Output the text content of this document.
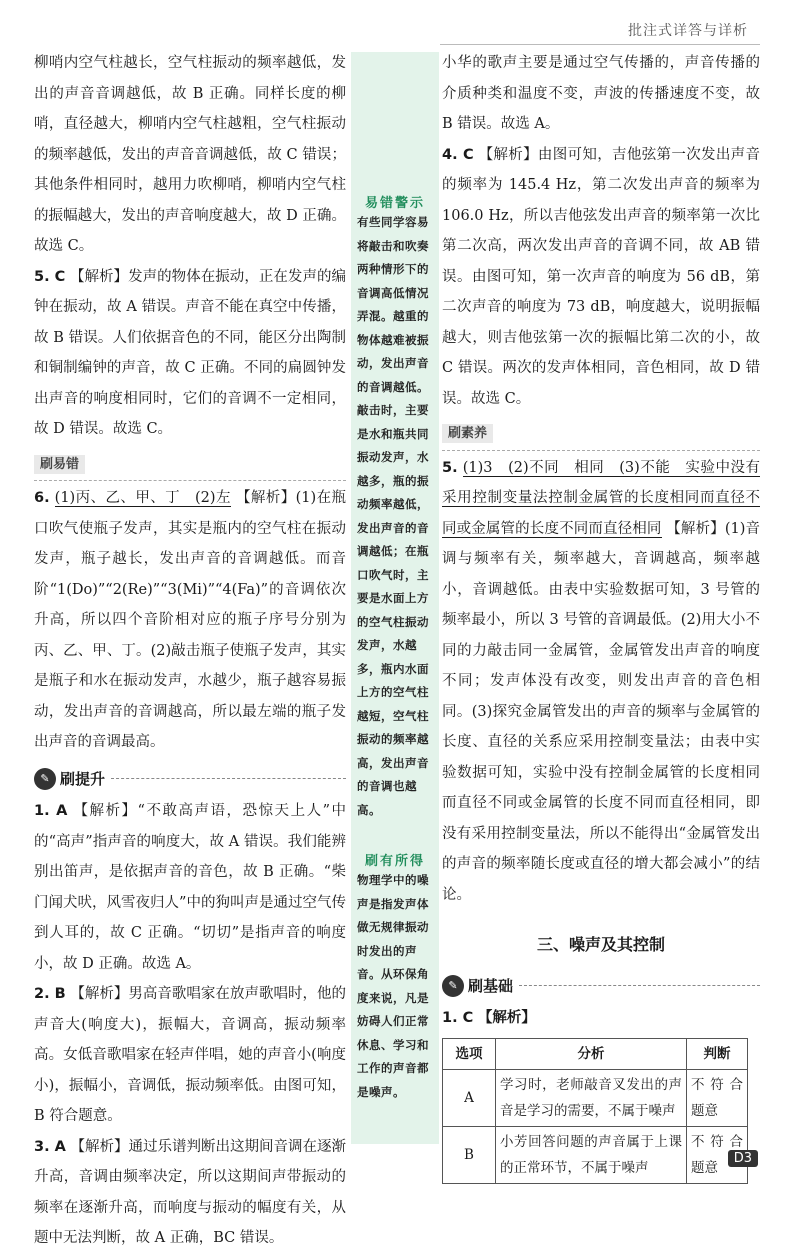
批注式详答与详析

柳哨内空气柱越长，空气柱振动的频率越低，发出的声音音调越低，故 B 正确。同样长度的柳哨，直径越大，柳哨内空气柱越粗，空气柱振动的频率越低，发出的声音音调越低，故 C 错误；其他条件相同时，越用力吹柳哨，柳哨内空气柱的振幅越大，发出的声音响度越大，故 D 正确。故选 C。

5. C 【解析】发声的物体在振动，正在发声的编钟在振动，故 A 错误。声音不能在真空中传播，故 B 错误。人们依据音色的不同，能区分出陶制和铜制编钟的声音，故 C 正确。不同的扁圆钟发出声音的响度相同时，它们的音调不一定相同，故 D 错误。故选 C。

刷易错

6. (1)丙、乙、甲、丁　(2)左 【解析】(1)在瓶口吹气使瓶子发声，其实是瓶内的空气柱在振动发声，瓶子越长，发出声音的音调越低。而音阶“1(Do)”“2(Re)”“3(Mi)”“4(Fa)”的音调依次升高，所以四个音阶相对应的瓶子序号分别为丙、乙、甲、丁。(2)敲击瓶子使瓶子发声，其实是瓶子和水在振动发声，水越少，瓶子越容易振动，发出声音的音调越高，所以最左端的瓶子发出声音的音调最高。

✎ 刷提升

1. A 【解析】“不敢高声语，恐惊天上人”中的“高声”指声音的响度大，故 A 错误。我们能辨别出笛声，是依据声音的音色，故 B 正确。“柴门闻犬吠，风雪夜归人”中的狗叫声是通过空气传到人耳的，故 C 正确。“切切”是指声音的响度小，故 D 正确。故选 A。

2. B 【解析】男高音歌唱家在放声歌唱时，他的声音大(响度大)，振幅大，音调高，振动频率高。女低音歌唱家在轻声伴唱，她的声音小(响度小)，振幅小，音调低，振动频率低。由图可知，B 符合题意。

3. A 【解析】通过乐谱判断出这期间音调在逐渐升高，音调由频率决定，所以这期间声带振动的频率在逐渐升高，而响度与振动的幅度有关，从题中无法判断，故 A 正确，BC 错误。

易错警示
有些同学容易将敲击和吹奏两种情形下的音调高低情况弄混。越重的物体越难被振动，发出声音的音调越低。敲击时，主要是水和瓶共同振动发声，水越多，瓶的振动频率越低，发出声音的音调越低；在瓶口吹气时，主要是水面上方的空气柱振动发声，水越多，瓶内水面上方的空气柱越短，空气柱振动的频率越高，发出声音的音调也越高。
刷有所得
物理学中的噪声是指发声体做无规律振动时发出的声音。从环保角度来说，凡是妨碍人们正常休息、学习和工作的声音都是噪声。

小华的歌声主要是通过空气传播的，声音传播的介质种类和温度不变，声波的传播速度不变，故 B 错误。故选 A。

4. C 【解析】由图可知，吉他弦第一次发出声音的频率为 145.4 Hz，第二次发出声音的频率为 106.0 Hz，所以吉他弦发出声音的频率第一次比第二次高，两次发出声音的音调不同，故 AB 错误。由图可知，第一次声音的响度为 56 dB，第二次声音的响度为 73 dB，响度越大，说明振幅越大，则吉他弦第一次的振幅比第二次的小，故 C 错误。两次的发声体相同，音色相同，故 D 错误。故选 C。

刷素养

5. (1)3　(2)不同　相同　(3)不能　实验中没有采用控制变量法控制金属管的长度相同而直径不同或金属管的长度不同而直径相同 【解析】(1)音调与频率有关，频率越大，音调越高，频率越小，音调越低。由表中实验数据可知，3 号管的频率最小，所以 3 号管的音调最低。(2)用大小不同的力敲击同一金属管，金属管发出声音的响度不同；发声体没有改变，则发出声音的音色相同。(3)探究金属管发出的声音的频率与金属管的长度、直径的关系应采用控制变量法；由表中实验数据可知，实验中没有控制金属管的长度相同而直径不同或金属管的长度不同而直径相同，即没有采用控制变量法，所以不能得出“金属管发出的声音的频率随长度或直径的增大都会减小”的结论。

三、噪声及其控制
✎ 刷基础

1. C 【解析】

选项	分析	判断
A	学习时，老师敲音叉发出的声音是学习的需要，不属于噪声	不符合题意
B	小芳回答问题的声音属于上课的正常环节，不属于噪声	不符合题意
D3
